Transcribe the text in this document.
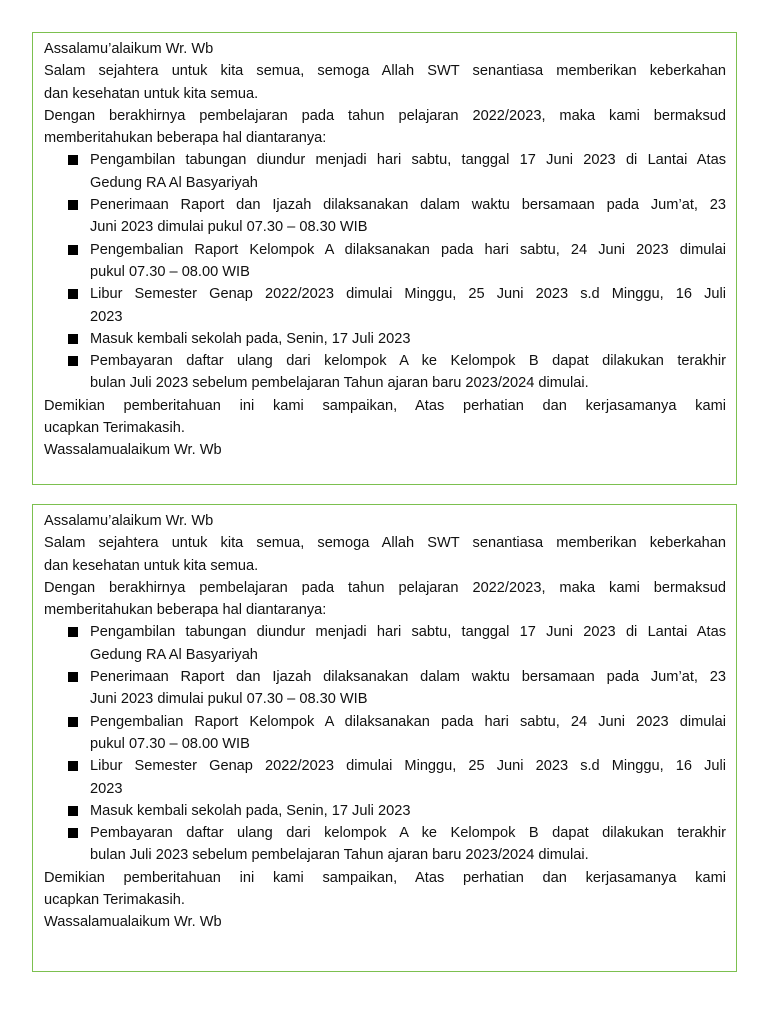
Assalamu’alaikum Wr. Wb
Salam sejahtera untuk kita semua, semoga Allah SWT senantiasa memberikan keberkahan
dan kesehatan untuk kita semua.
Dengan berakhirnya pembelajaran pada tahun pelajaran 2022/2023, maka kami bermaksud
memberitahukan beberapa hal diantaranya:
Pengambilan tabungan diundur menjadi hari sabtu, tanggal 17 Juni 2023 di Lantai Atas
Gedung RA Al Basyariyah
Penerimaan Raport dan Ijazah dilaksanakan dalam waktu bersamaan pada Jum’at, 23
Juni 2023 dimulai pukul 07.30 – 08.30 WIB
Pengembalian Raport Kelompok A dilaksanakan pada hari sabtu, 24 Juni 2023 dimulai
pukul 07.30 – 08.00 WIB
Libur Semester Genap 2022/2023 dimulai Minggu, 25 Juni 2023 s.d Minggu, 16 Juli
2023
Masuk kembali sekolah pada, Senin, 17 Juli 2023
Pembayaran daftar ulang dari kelompok A ke Kelompok B dapat dilakukan terakhir
bulan Juli 2023 sebelum pembelajaran Tahun ajaran baru 2023/2024 dimulai.
Demikian pemberitahuan ini kami sampaikan, Atas perhatian dan kerjasamanya kami
ucapkan Terimakasih.
Wassalamualaikum Wr. Wb
Assalamu’alaikum Wr. Wb
Salam sejahtera untuk kita semua, semoga Allah SWT senantiasa memberikan keberkahan
dan kesehatan untuk kita semua.
Dengan berakhirnya pembelajaran pada tahun pelajaran 2022/2023, maka kami bermaksud
memberitahukan beberapa hal diantaranya:
Pengambilan tabungan diundur menjadi hari sabtu, tanggal 17 Juni 2023 di Lantai Atas
Gedung RA Al Basyariyah
Penerimaan Raport dan Ijazah dilaksanakan dalam waktu bersamaan pada Jum’at, 23
Juni 2023 dimulai pukul 07.30 – 08.30 WIB
Pengembalian Raport Kelompok A dilaksanakan pada hari sabtu, 24 Juni 2023 dimulai
pukul 07.30 – 08.00 WIB
Libur Semester Genap 2022/2023 dimulai Minggu, 25 Juni 2023 s.d Minggu, 16 Juli
2023
Masuk kembali sekolah pada, Senin, 17 Juli 2023
Pembayaran daftar ulang dari kelompok A ke Kelompok B dapat dilakukan terakhir
bulan Juli 2023 sebelum pembelajaran Tahun ajaran baru 2023/2024 dimulai.
Demikian pemberitahuan ini kami sampaikan, Atas perhatian dan kerjasamanya kami
ucapkan Terimakasih.
Wassalamualaikum Wr. Wb
